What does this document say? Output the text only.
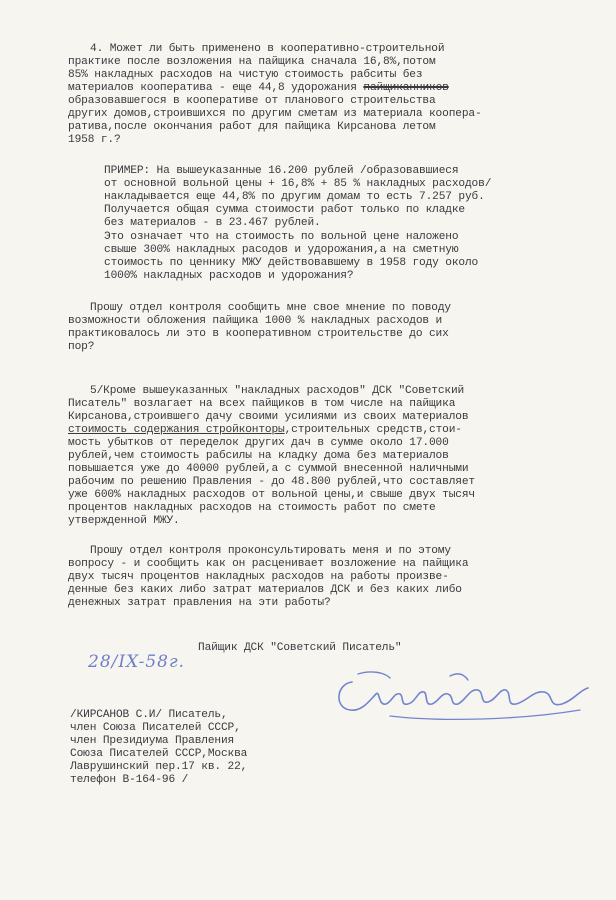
4. Может ли быть применено в кооперативно-строительной
практике после возложения на пайщика сначала 16,8%,потом
85% накладных расходов на чистую стоимость рабситы без
материалов кооператива - еще 44,8 удорожания пайщиканников
образовавшегося в кооперативе от планового строительства
других домов,строившихся по другим сметам из материала коопера-
ратива,после окончания работ для пайщика Кирсанова летом
1958 г.?
ПРИМЕР: На вышеуказанные 16.200 рублей /образовавшиеся
от основной вольной цены + 16,8% + 85 % накладных расходов/
накладывается еще 44,8% по другим домам то есть 7.257 руб.
Получается общая сумма стоимости работ только по кладке
без материалов - в 23.467 рублей.
Это означает что на стоимость по вольной цене наложено
свыше 300% накладных расодов и удорожания,а на сметную
стоимость по ценнику МЖУ действовавшему в 1958 году около
1000% накладных расходов и удорожания?
Прошу отдел контроля сообщить мне свое мнение по поводу
возможности обложения пайщика 1000 % накладных расходов и
практиковалось ли это в кооперативном строительстве до сих
пор?
5/Кроме вышеуказанных "накладных расходов" ДСК "Советский
Писатель" возлагает на всех пайщиков в том числе на пайщика
Кирсанова,строившего дачу своими усилиями из своих материалов
стоимость содержания стройконторы,строительных средств,стои-
мость убытков от переделок других дач в сумме около 17.000
рублей,чем стоимость рабсилы на кладку дома без материалов
повышается уже до 40000 рублей,а с суммой внесенной наличными
рабочим по решению Правления - до 48.800 рублей,что составляет
уже 600% накладных расходов от вольной цены,и свыше двух тысяч
процентов накладных расходов на стоимость работ по смете
утвержденной МЖУ.
Прошу отдел контроля проконсультировать меня и по этому
вопросу - и сообщить как он расценивает возложение на пайщика
двух тысяч процентов накладных расходов на работы произве-
денные без каких либо затрат материалов ДСК и без каких либо
денежных затрат правления на эти работы?
Пайщик ДСК "Советский Писатель"
28/IX-58г.
/КИРСАНОВ С.И/ Писатель,
член Союза Писателей СССР,
член Президиума Правления
Союза Писателей СССР,Москва
Лаврушинский пер.17 кв. 22,
телефон В-164-96 /
